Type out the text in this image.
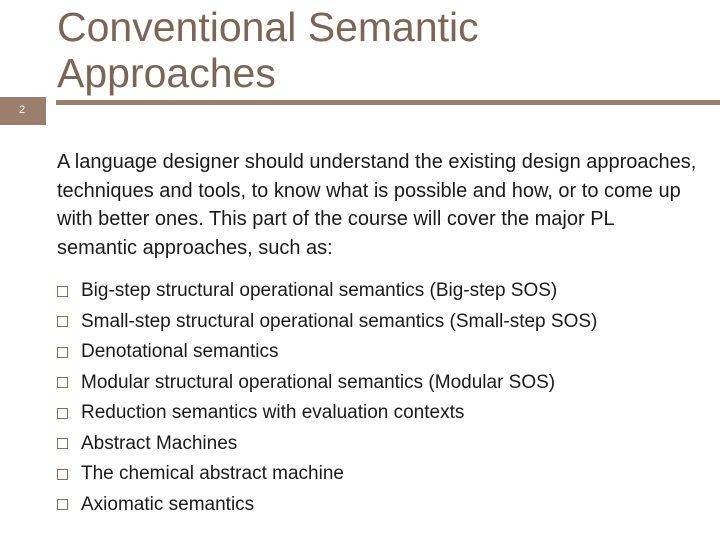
2
Conventional Semantic Approaches
A language designer should understand the existing design approaches, techniques and tools, to know what is possible and how, or to come up with better ones. This part of the course will cover the major PL semantic approaches, such as:
Big-step structural operational semantics (Big-step SOS)
Small-step structural operational semantics (Small-step SOS)
Denotational semantics
Modular structural operational semantics (Modular SOS)
Reduction semantics with evaluation contexts
Abstract Machines
The chemical abstract machine
Axiomatic semantics
